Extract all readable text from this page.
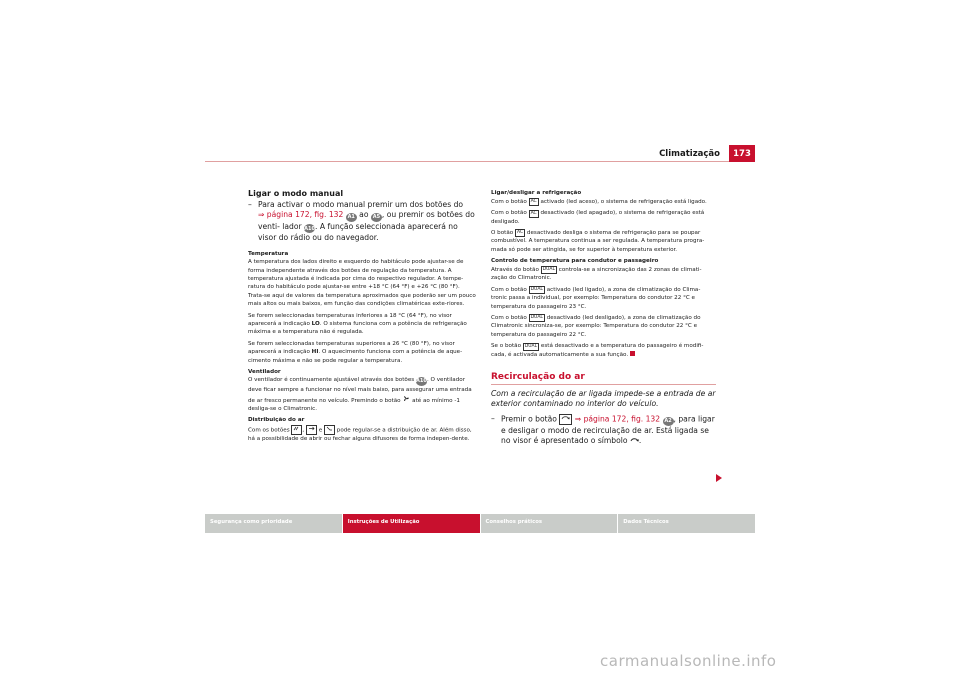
Climatização	173
Ligar o modo manual
– Para activar o modo manual premir um dos botões do
⇒ página 172, fig. 132 A1 ao A5 , ou premir os botões do venti- lador A10. A função seleccionada aparecerá no visor do rádio ou do navegador.
Temperatura
A temperatura dos lados direito e esquerdo do habitáculo pode ajustar-se de forma independente através dos botões de regulação da temperatura. A temperatura ajustada é indicada por cima do respectivo regulador. A tempe-ratura do habitáculo pode ajustar-se entre +18 °C (64 °F) e +26 °C (80 °F). Trata-se aqui de valores da temperatura aproximados que poderão ser um pouco mais altos ou mais baixos, em função das condições climatéricas exte-riores.
Se forem seleccionadas temperaturas inferiores a 18 °C (64 °F), no visor aparecerá a indicação LO. O sistema funciona com a potência de refrigeração máxima e a temperatura não é regulada.
Se forem seleccionadas temperaturas superiores a 26 °C (80 °F), no visor aparecerá a indicação HI. O aquecimento funciona com a potência de aque-cimento máxima e não se pode regular a temperatura.
Ventilador
O ventilador é continuamente ajustável através dos botões A10. O ventilador deve ficar sempre a funcionar no nível mais baixo, para assegurar uma entrada de ar fresco permanente no veículo. Premindo o botão até ao mínimo -1 desliga-se o Climatronic.
Distribuição do ar
Com os botões ,	e	pode regular-se a distribuição de ar. Além disso, há a possibilidade de abrir ou fechar alguns difusores de forma indepen-dente.
Ligar/desligar a refrigeração
Com o botão AC activado (led aceso), o sistema de refrigeração está ligado.
Com o botão AC desactivado (led apagado), o sistema de refrigeração está desligado.
O botão AC desactivado desliga o sistema de refrigeração para se poupar combustível. A temperatura continua a ser regulada. A temperatura progra-mada só pode ser atingida, se for superior à temperatura exterior.
Controlo de temperatura para condutor e passageiro
Através do botão DUAL controla-se a sincronização das 2 zonas de climati-zação do Climatronic.
Com o botão DUAL activado (led ligado), a zona de climatização do Clima-tronic passa a individual, por exemplo: Temperatura do condutor 22 °C e temperatura do passageiro 23 °C.
Com o botão DUAL desactivado (led desligado), a zona de climatização do Climatronic sincroniza-se, por exemplo: Temperatura do condutor 22 °C e temperatura do passageiro 22 °C.
Se o botão DUAL está desactivado e a temperatura do passageiro é modifi-cada, é activada automaticamente a sua função.
Recirculação do ar
Com a recirculação de ar ligada impede-se a entrada de ar exterior contaminado no interior do veículo.
– Premir o botão ⇒ página 172, fig. 132 A2 , para ligar e desligar o modo de recirculação de ar. Está ligada se no visor é apresentado o símbolo .
Segurança como prioridade	Instruções de Utilização	Conselhos práticos	Dados Técnicos
carmanualsonline.info
